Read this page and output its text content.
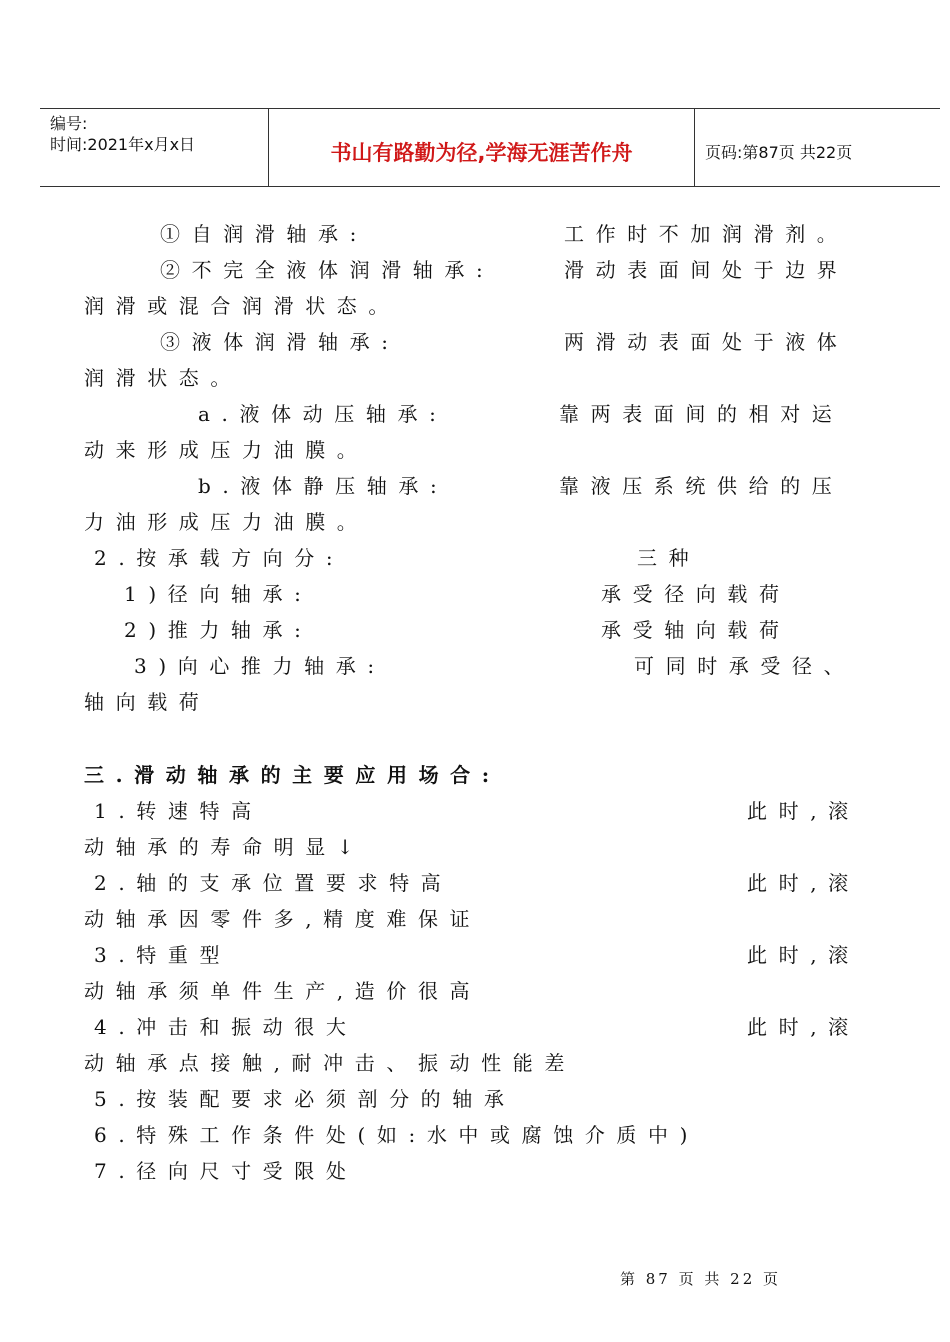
编号:
时间:2021年x月x日	书山有路勤为径,学海无涯苦作舟	页码:第87页 共22页
①自润滑轴承:	工作时不加润滑剂。
②不完全液体润滑轴承:	滑动表面间处于边界
润滑或混合润滑状态。
③液体润滑轴承:	两滑动表面处于液体
润滑状态。
a.液体动压轴承:	靠两表面间的相对运
动来形成压力油膜。
b.液体静压轴承:	靠液压系统供给的压
力油形成压力油膜。
2.按承载方向分:	三种
1)径向轴承:	承受径向载荷
2)推力轴承:	承受轴向载荷
3)向心推力轴承:	可同时承受径、
轴向载荷
三.滑动轴承的主要应用场合:
1.转速特高	此时,滚
动轴承的寿命明显↓
2.轴的支承位置要求特高	此时,滚
动轴承因零件多,精度难保证
3.特重型	此时,滚
动轴承须单件生产,造价很高
4.冲击和振动很大	此时,滚
动轴承点接触,耐冲击、振动性能差
5.按装配要求必须剖分的轴承
6.特殊工作条件处(如:水中或腐蚀介质中)
7.径向尺寸受限处
第 87 页 共 22 页
